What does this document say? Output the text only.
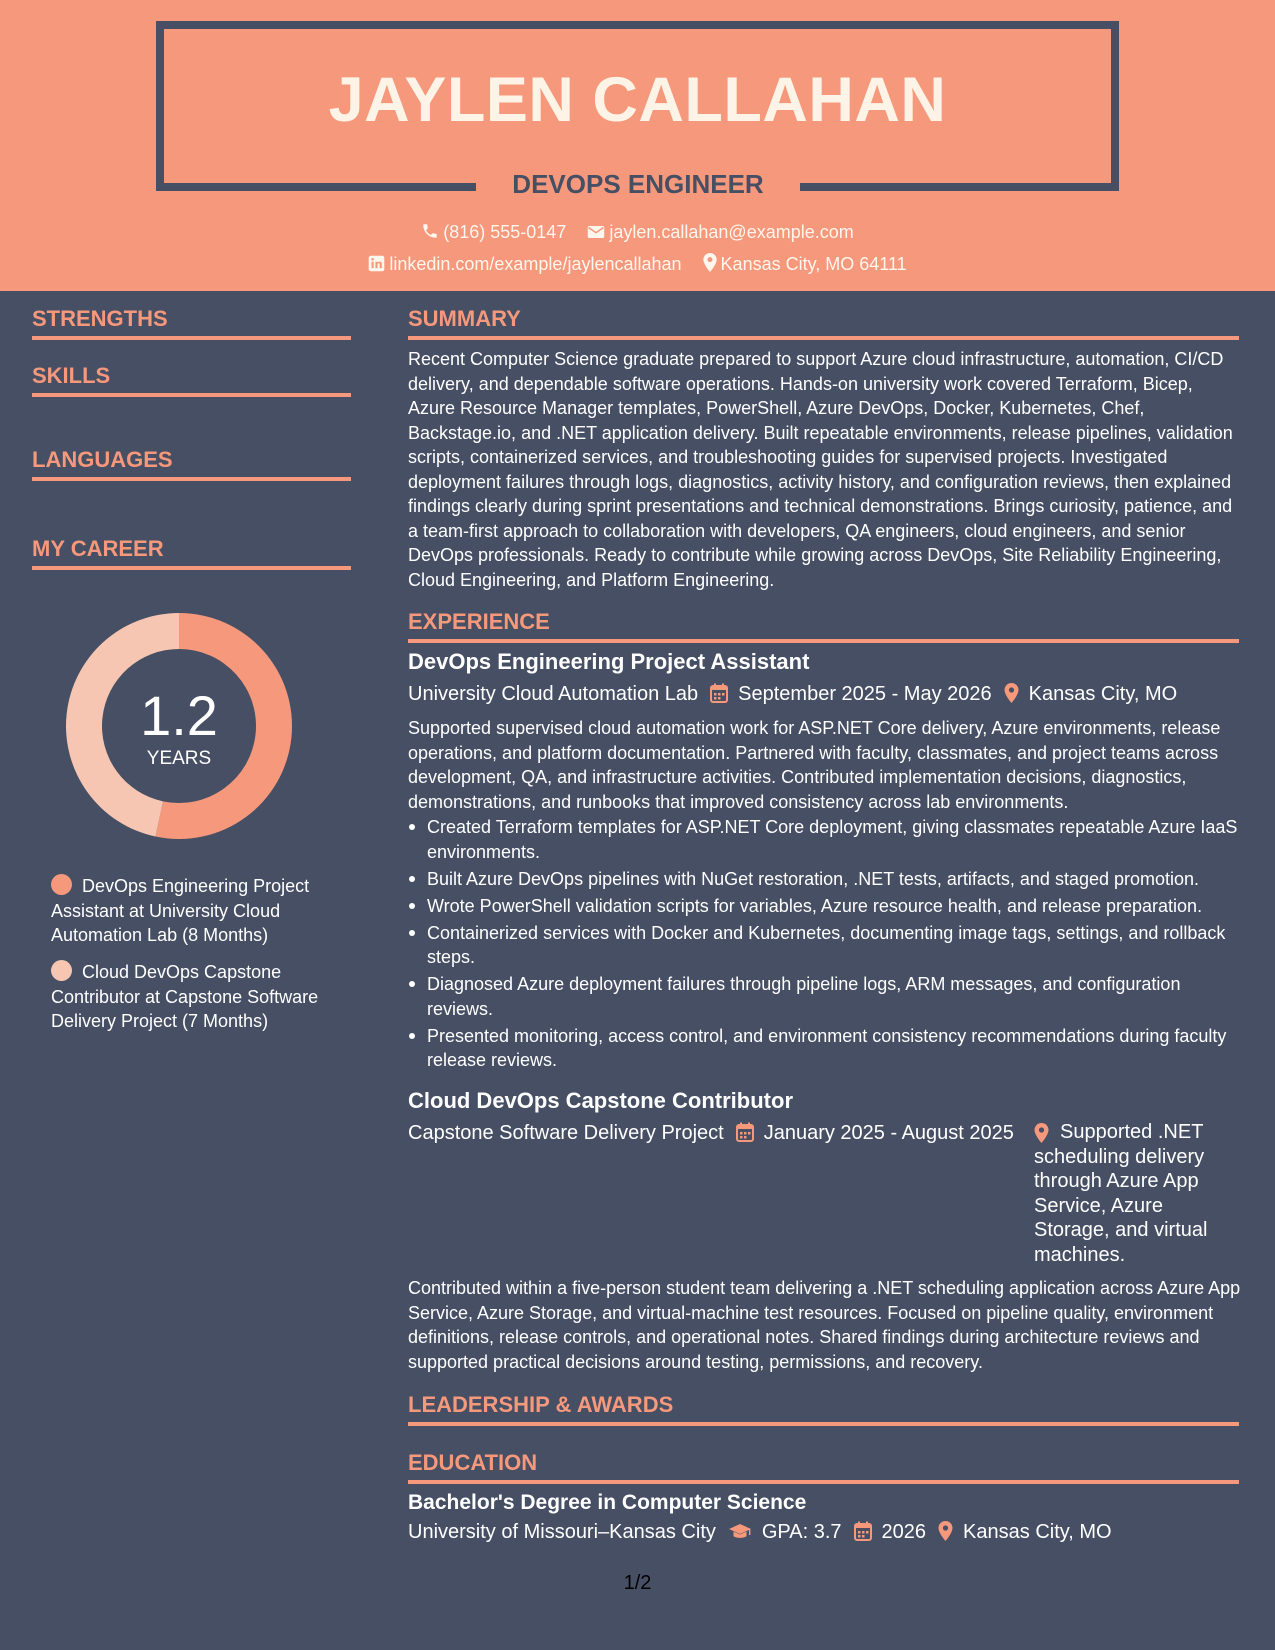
JAYLEN CALLAHAN
DEVOPS ENGINEER
(816) 555-0147 jaylen.callahan@example.com
linkedin.com/example/jaylencallahan Kansas City, MO 64111
STRENGTHS
SKILLS
LANGUAGES
MY CAREER
1.2
YEARS
DevOps Engineering Project Assistant at University Cloud Automation Lab (8 Months)
Cloud DevOps Capstone Contributor at Capstone Software Delivery Project (7 Months)
SUMMARY
Recent Computer Science graduate prepared to support Azure cloud infrastructure, automation, CI/CD delivery, and dependable software operations. Hands-on university work covered Terraform, Bicep, Azure Resource Manager templates, PowerShell, Azure DevOps, Docker, Kubernetes, Chef, Backstage.io, and .NET application delivery. Built repeatable environments, release pipelines, validation scripts, containerized services, and troubleshooting guides for supervised projects. Investigated deployment failures through logs, diagnostics, activity history, and configuration reviews, then explained findings clearly during sprint presentations and technical demonstrations. Brings curiosity, patience, and a team-first approach to collaboration with developers, QA engineers, cloud engineers, and senior DevOps professionals. Ready to contribute while growing across DevOps, Site Reliability Engineering, Cloud Engineering, and Platform Engineering.
EXPERIENCE
DevOps Engineering Project Assistant
University Cloud Automation Lab September 2025 - May 2026 Kansas City, MO
Supported supervised cloud automation work for ASP.NET Core delivery, Azure environments, release operations, and platform documentation. Partnered with faculty, classmates, and project teams across development, QA, and infrastructure activities. Contributed implementation decisions, diagnostics, demonstrations, and runbooks that improved consistency across lab environments.
Created Terraform templates for ASP.NET Core deployment, giving classmates repeatable Azure IaaS environments.
Built Azure DevOps pipelines with NuGet restoration, .NET tests, artifacts, and staged promotion.
Wrote PowerShell validation scripts for variables, Azure resource health, and release preparation.
Containerized services with Docker and Kubernetes, documenting image tags, settings, and rollback steps.
Diagnosed Azure deployment failures through pipeline logs, ARM messages, and configuration reviews.
Presented monitoring, access control, and environment consistency recommendations during faculty release reviews.
Cloud DevOps Capstone Contributor
Capstone Software Delivery Project January 2025 - August 2025	Supported .NET scheduling delivery through Azure App Service, Azure Storage, and virtual machines.
Contributed within a five-person student team delivering a .NET scheduling application across Azure App Service, Azure Storage, and virtual-machine test resources. Focused on pipeline quality, environment definitions, release controls, and operational notes. Shared findings during architecture reviews and supported practical decisions around testing, permissions, and recovery.
LEADERSHIP & AWARDS
EDUCATION
Bachelor's Degree in Computer Science
University of Missouri–Kansas City GPA: 3.7 2026 Kansas City, MO
1/2
